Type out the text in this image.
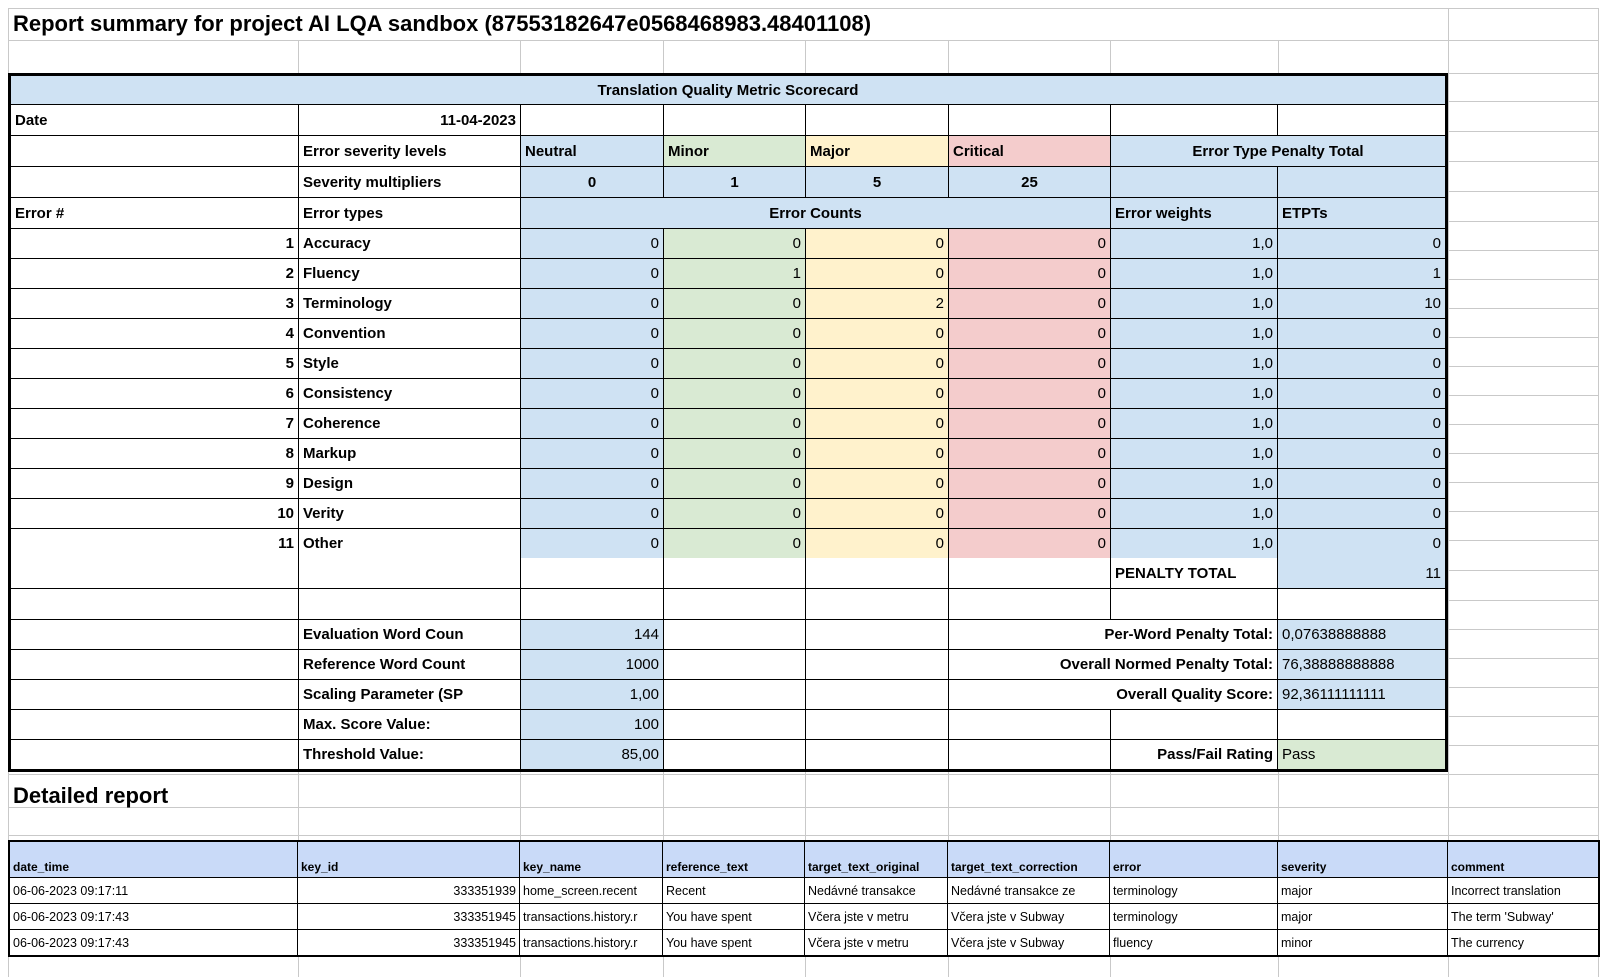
Report summary for project AI LQA sandbox (87553182647e0568468983.48401108)
Translation Quality Metric Scorecard
Date	11-04-2023
Error severity levels	Neutral	Minor	Major	Critical	Error Type Penalty Total
Severity multipliers	0	1	5	25
Error #	Error types	Error Counts	Error weights	ETPTs
1 Accuracy	0	0	0	0	1,0	0
2 Fluency	0	1	0	0	1,0	1
3 Terminology	0	0	2	0	1,0	10
4 Convention	0	0	0	0	1,0	0
5 Style	0	0	0	0	1,0	0
6 Consistency	0	0	0	0	1,0	0
7 Coherence	0	0	0	0	1,0	0
8 Markup	0	0	0	0	1,0	0
9 Design	0	0	0	0	1,0	0
10 Verity	0	0	0	0	1,0	0
11 Other	0	0	0	0	1,0	0
PENALTY TOTAL	11
Evaluation Word Coun	144	Per-Word Penalty Total: 0,07638888888
Reference Word Count	1000	Overall Normed Penalty Total: 76,38888888888
Scaling Parameter (SP	1,00	Overall Quality Score: 92,36111111111
Max. Score Value:	100
Threshold Value:	85,00	Pass/Fail Rating Pass
Detailed report
date_time	key_id	key_name	reference_text	target_text_original	target_text_correction	error	severity	comment
06-06-2023 09:17:11	333351939 home_screen.recent	Recent	Nedávné transakce	Nedávné transakce ze	terminology	major	Incorrect translation
06-06-2023 09:17:43	333351945 transactions.history.r	You have spent	Včera jste v metru	Včera jste v Subway	terminology	major	The term 'Subway'
06-06-2023 09:17:43	333351945 transactions.history.r	You have spent	Včera jste v metru	Včera jste v Subway	fluency	minor	The currency
